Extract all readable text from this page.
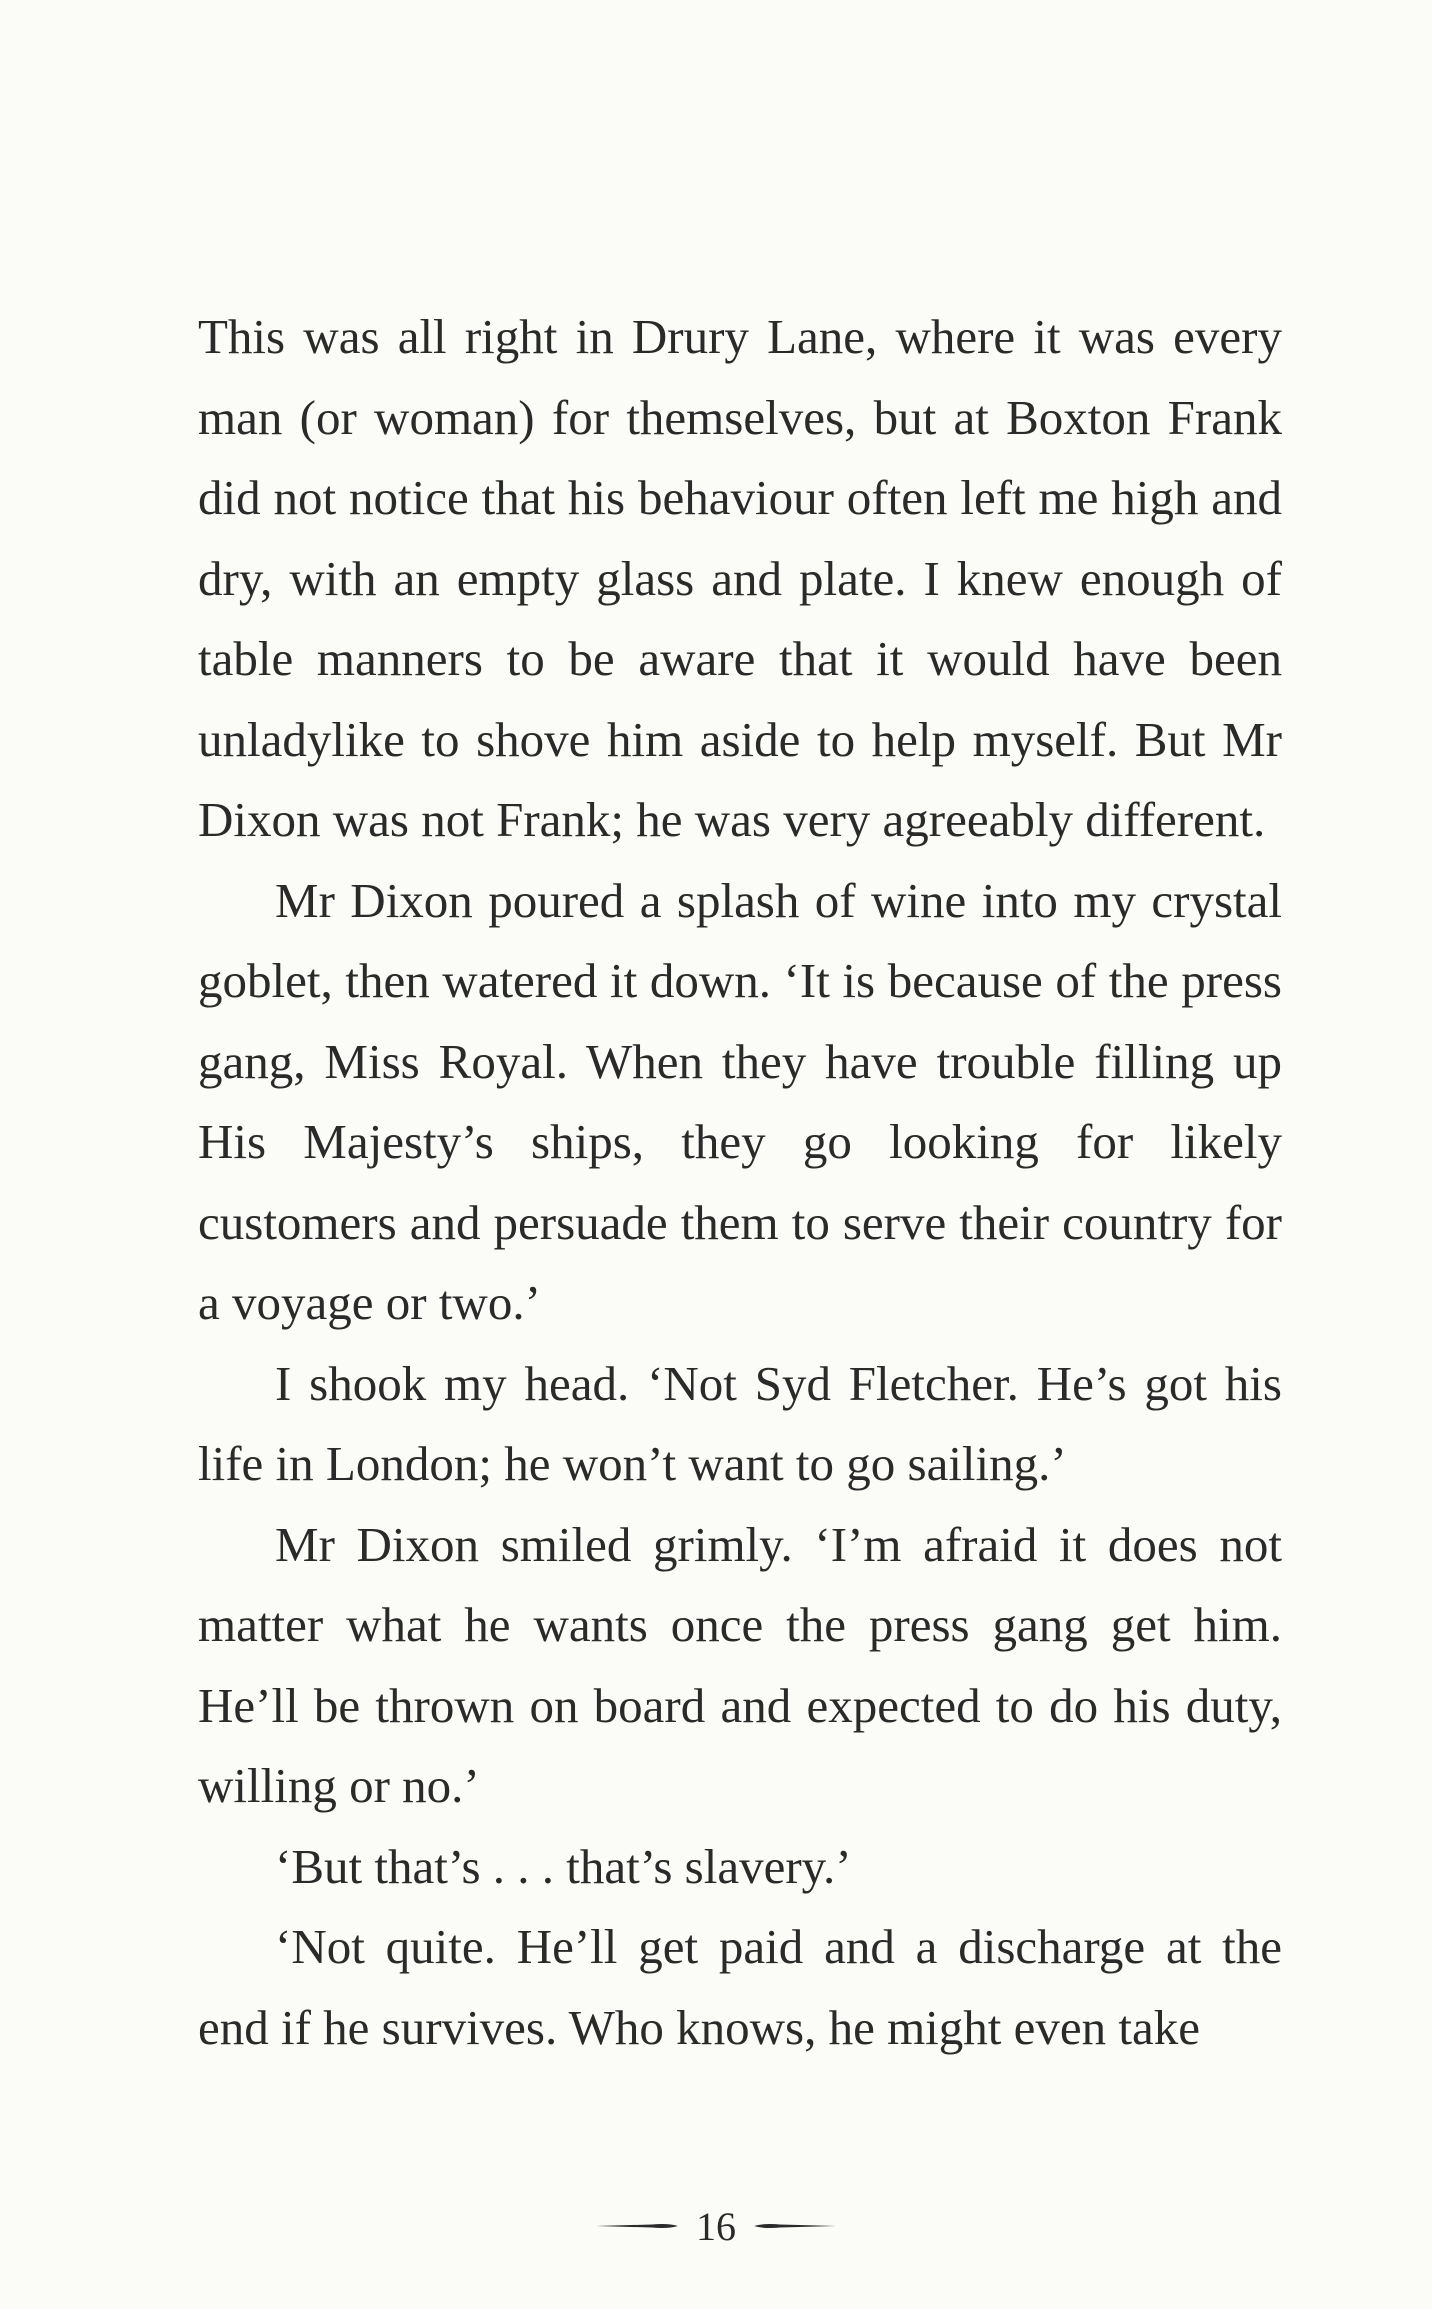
This was all right in Drury Lane, where it was every man (or woman) for themselves, but at Boxton Frank did not notice that his behaviour often left me high and dry, with an empty glass and plate. I knew enough of table manners to be aware that it would have been unladylike to shove him aside to help myself. But Mr Dixon was not Frank; he was very agreeably different.

Mr Dixon poured a splash of wine into my crystal goblet, then watered it down. ‘It is because of the press gang, Miss Royal. When they have trouble filling up His Majesty’s ships, they go looking for likely customers and persuade them to serve their country for a voyage or two.’

I shook my head. ‘Not Syd Fletcher. He’s got his life in London; he won’t want to go sailing.’

Mr Dixon smiled grimly. ‘I’m afraid it does not matter what he wants once the press gang get him. He’ll be thrown on board and expected to do his duty, willing or no.’

‘But that’s . . . that’s slavery.’

‘Not quite. He’ll get paid and a discharge at the end if he survives. Who knows, he might even take

16
